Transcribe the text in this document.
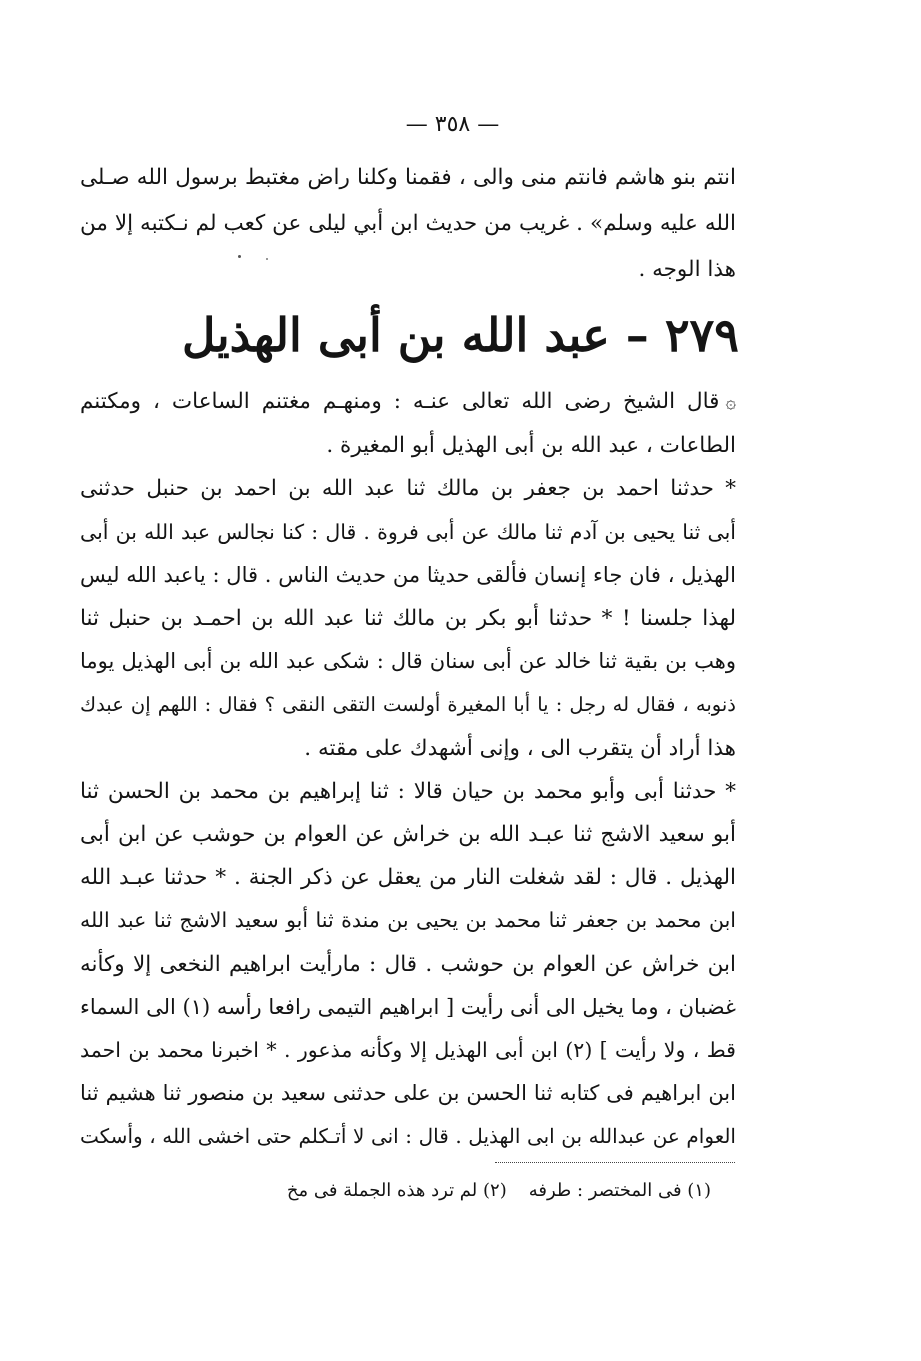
— ٣٥٨ —
انتم بنو هاشم فانتم منى والى ، فقمنا وكلنا راض مغتبط برسول الله صـلى
الله عليه وسلم» . غريب من حديث ابن أبي ليلى عن كعب لم نـكتبه إلا من
هذا الوجه .
٢٧٩ – عبد الله بن أبى الهذيل
۞قال الشيخ رضى الله تعالى عنـه : ومنهـم مغتنم الساعات ، ومكتنم
الطاعات ، عبد الله بن أبى الهذيل أبو المغيرة .
* حدثنا احمد بن جعفر بن مالك ثنا عبد الله بن احمد بن حنبل حدثنى
أبى ثنا يحيى بن آدم ثنا مالك عن أبى فروة . قال : كنا نجالس عبد الله بن أبى
الهذيل ، فان جاء إنسان فألقى حديثا من حديث الناس . قال : ياعبد الله ليس
لهذا جلسنا ! * حدثنا أبو بكر بن مالك ثنا عبد الله بن احمـد بن حنبل ثنا
وهب بن بقية ثنا خالد عن أبى سنان قال : شكى عبد الله بن أبى الهذيل يوما
ذنوبه ، فقال له رجل : يا أبا المغيرة أولست التقى النقى ؟ فقال : اللهم إن عبدك
هذا أراد أن يتقرب الى ، وإنى أشهدك على مقته .
* حدثنا أبى وأبو محمد بن حيان قالا : ثنا إبراهيم بن محمد بن الحسن ثنا
أبو سعيد الاشج ثنا عبـد الله بن خراش عن العوام بن حوشب عن ابن أبى
الهذيل . قال : لقد شغلت النار من يعقل عن ذكر الجنة . * حدثنا عبـد الله
ابن محمد بن جعفر ثنا محمد بن يحيى بن مندة ثنا أبو سعيد الاشج ثنا عبد الله
ابن خراش عن العوام بن حوشب . قال : مارأيت ابراهيم النخعى إلا وكأنه
غضبان ، وما يخيل الى أنى رأيت [ ابراهيم التيمى رافعا رأسه (١) الى السماء
قط ، ولا رأيت ] (٢) ابن أبى الهذيل إلا وكأنه مذعور . * اخبرنا محمد بن احمد
ابن ابراهيم فى كتابه ثنا الحسن بن على حدثنى سعيد بن منصور ثنا هشيم ثنا
العوام عن عبدالله بن ابى الهذيل . قال : انى لا أتـكلم حتى اخشى الله ، وأسكت
(١) فى المختصر : طرفه(٢) لم ترد هذه الجملة فى مخ
